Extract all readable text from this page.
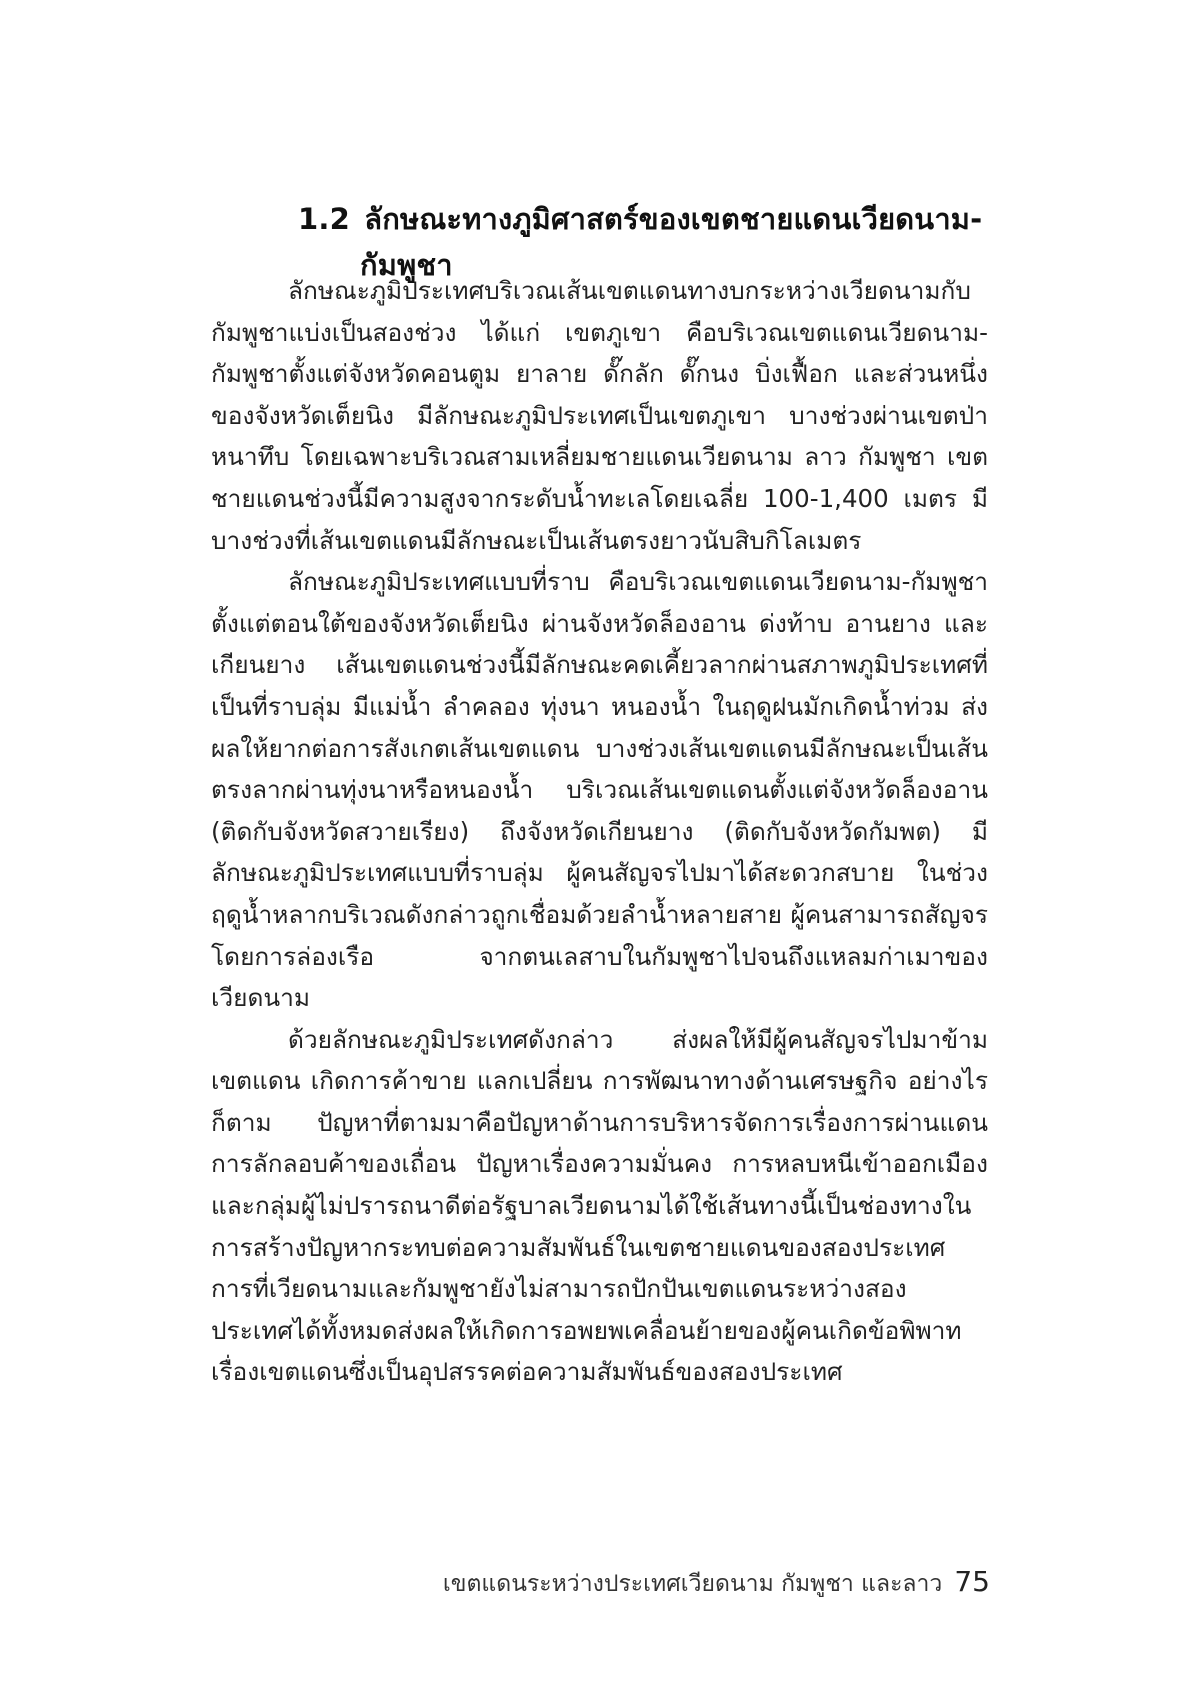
1.2 ลักษณะทางภูมิศาสตร์ของเขตชายแดนเวียดนาม-
กัมพูชา

ลักษณะภูมิประเทศบริเวณเส้นเขตแดนทางบกระหว่างเวียดนามกับกัมพูชาแบ่งเป็นสองช่วง ได้แก่ เขตภูเขา คือบริเวณเขตแดนเวียดนาม-กัมพูชาตั้งแต่จังหวัดคอนตูม ยาลาย ดั๊กลัก ดั๊กนง บิ่งเฟื้อก และส่วนหนึ่งของจังหวัดเต็ยนิง มีลักษณะภูมิประเทศเป็นเขตภูเขา บางช่วงผ่านเขตป่าหนาทึบ โดยเฉพาะบริเวณสามเหลี่ยมชายแดนเวียดนาม ลาว กัมพูชา เขตชายแดนช่วงนี้มีความสูงจากระดับน้ำทะเลโดยเฉลี่ย 100-1,400 เมตร มีบางช่วงที่เส้นเขตแดนมีลักษณะเป็นเส้นตรงยาวนับสิบกิโลเมตร

ลักษณะภูมิประเทศแบบที่ราบ คือบริเวณเขตแดนเวียดนาม-กัมพูชาตั้งแต่ตอนใต้ของจังหวัดเต็ยนิง ผ่านจังหวัดล็องอาน ด่งท้าบ อานยาง และเกียนยาง เส้นเขตแดนช่วงนี้มีลักษณะคดเคี้ยวลากผ่านสภาพภูมิประเทศที่เป็นที่ราบลุ่ม มีแม่น้ำ ลำคลอง ทุ่งนา หนองน้ำ ในฤดูฝนมักเกิดน้ำท่วม ส่งผลให้ยากต่อการสังเกตเส้นเขตแดน บางช่วงเส้นเขตแดนมีลักษณะเป็นเส้นตรงลากผ่านทุ่งนาหรือหนองน้ำ บริเวณเส้นเขตแดนตั้งแต่จังหวัดล็องอาน (ติดกับจังหวัดสวายเรียง) ถึงจังหวัดเกียนยาง (ติดกับจังหวัดกัมพต) มีลักษณะภูมิประเทศแบบที่ราบลุ่ม ผู้คนสัญจรไปมาได้สะดวกสบาย ในช่วงฤดูน้ำหลากบริเวณดังกล่าวถูกเชื่อมด้วยลำน้ำหลายสาย ผู้คนสามารถสัญจรโดยการล่องเรือ จากตนเลสาบในกัมพูชาไปจนถึงแหลมก่าเมาของเวียดนาม

ด้วยลักษณะภูมิประเทศดังกล่าว ส่งผลให้มีผู้คนสัญจรไปมาข้ามเขตแดน เกิดการค้าขาย แลกเปลี่ยน การพัฒนาทางด้านเศรษฐกิจ อย่างไรก็ตาม ปัญหาที่ตามมาคือปัญหาด้านการบริหารจัดการเรื่องการผ่านแดน การลักลอบค้าของเถื่อน ปัญหาเรื่องความมั่นคง การหลบหนีเข้าออกเมือง และกลุ่มผู้ไม่ปรารถนาดีต่อรัฐบาลเวียดนามได้ใช้เส้นทางนี้เป็นช่องทางในการสร้างปัญหากระทบต่อความสัมพันธ์ในเขตชายแดนของสองประเทศ การที่เวียดนามและกัมพูชายังไม่สามารถปักปันเขตแดนระหว่างสองประเทศได้ทั้งหมดส่งผลให้เกิดการอพยพเคลื่อนย้ายของผู้คนเกิดข้อพิพาทเรื่องเขตแดนซึ่งเป็นอุปสรรคต่อความสัมพันธ์ของสองประเทศ

เขตแดนระหว่างประเทศเวียดนาม กัมพูชา และลาว 75
